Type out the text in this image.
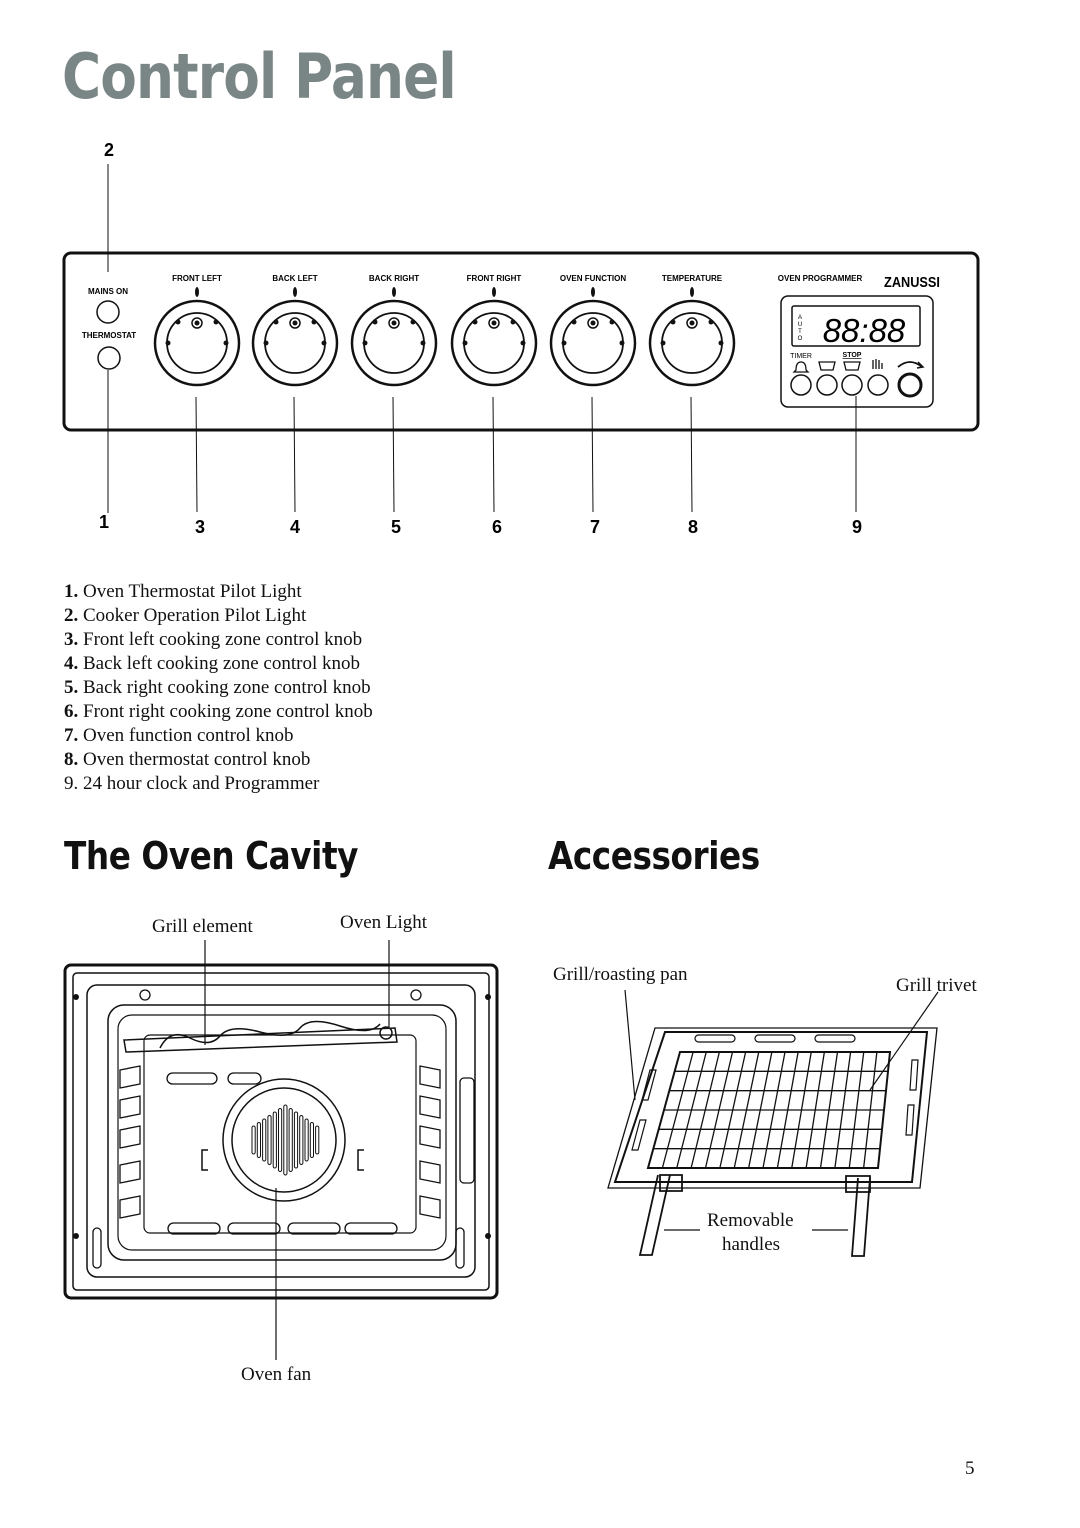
Control Panel
MAINS ON
THERMOSTAT
FRONT LEFT	BACK LEFT	BACK RIGHT	FRONT RIGHT	OVEN FUNCTION	TEMPERATURE	OVEN PROGRAMMER ZANUSSI
A
U
T
O 88:88
TIMER	STOP
2
1	3	4	5	6	7	8	9
1. Oven Thermostat Pilot Light
2. Cooker Operation Pilot Light
3. Front left cooking zone control knob
4. Back left cooking zone control knob
5. Back right cooking zone control knob
6. Front right cooking zone control knob
7. Oven function control knob
8. Oven thermostat control knob
9. 24 hour clock and Programmer
The Oven Cavity	Accessories
Grill element	Oven Light
Oven fan
Grill/roasting pan
Grill trivet
Removable
handles
5
